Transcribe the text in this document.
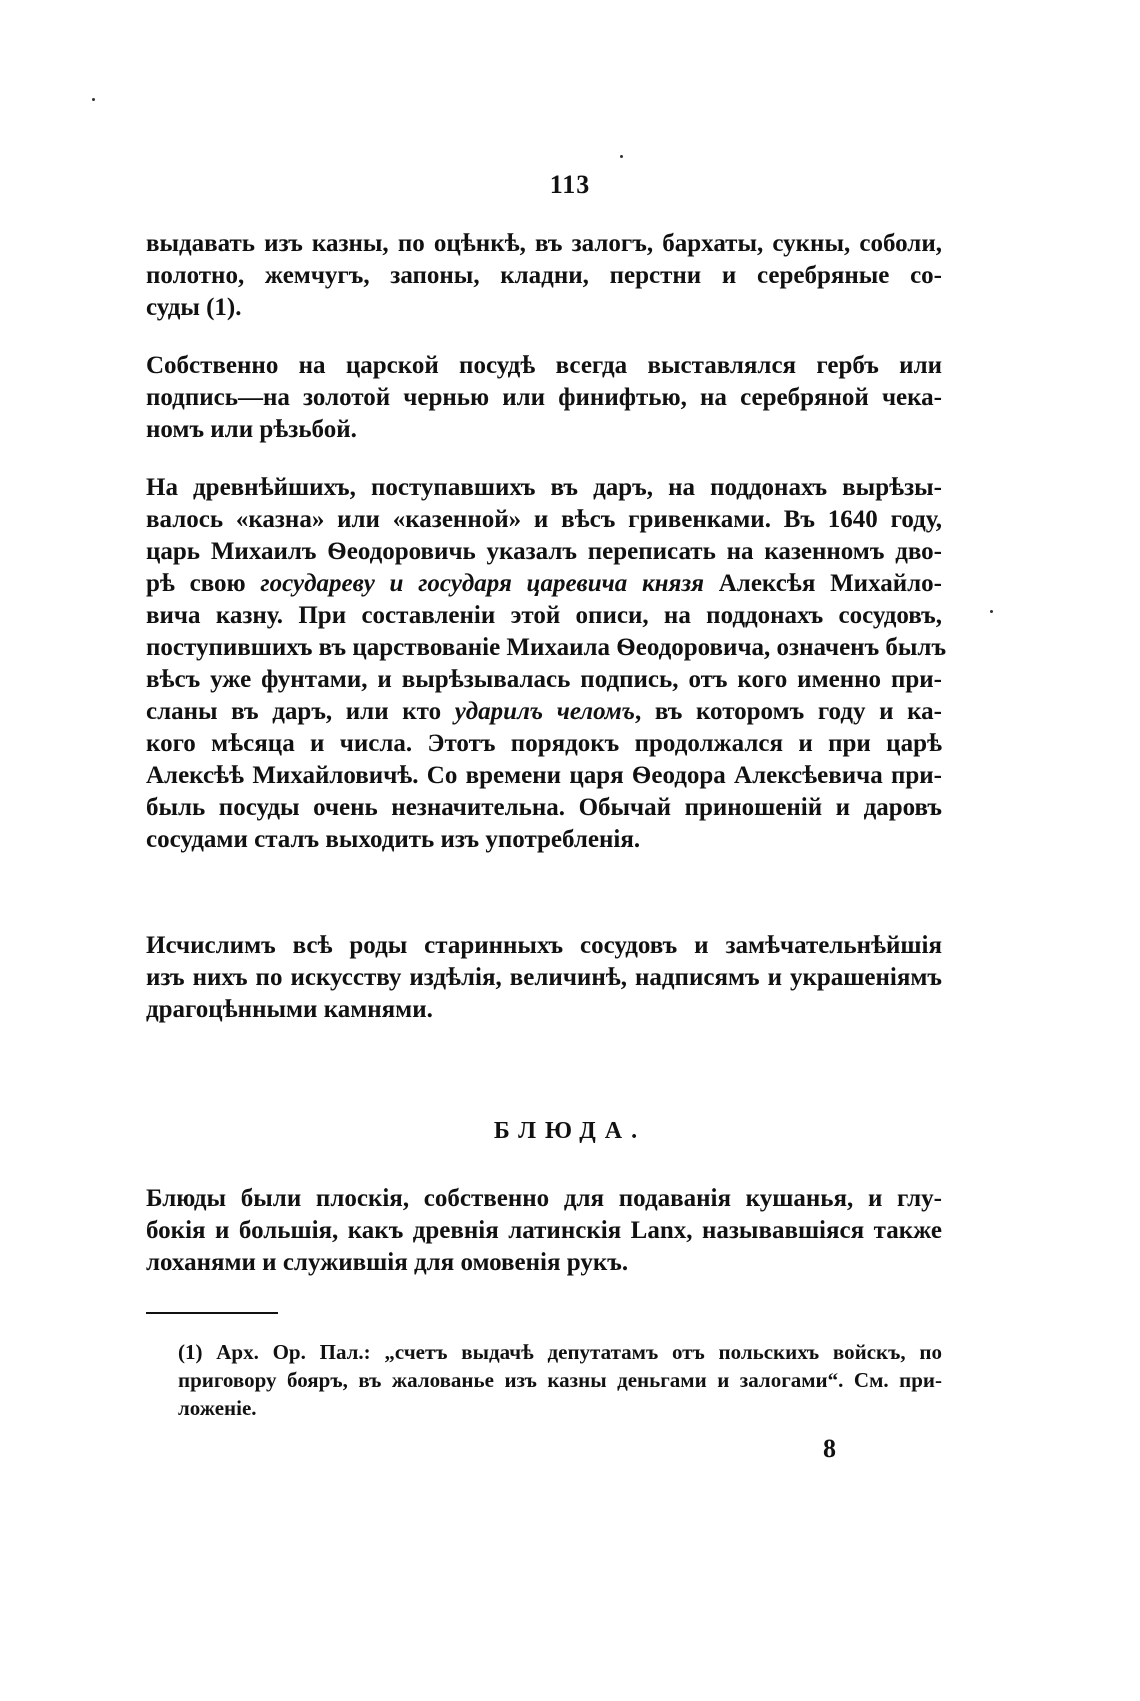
113
выдавать изъ казны, по оцѣнкѣ, въ залогъ, бархаты, сукны, соболи,
полотно, жемчугъ, запоны, кладни, перстни и серебряные со-
суды (1).
Собственно на царской посудѣ всегда выставлялся гербъ или
подпись—на золотой чернью или финифтью, на серебряной чека-
номъ или рѣзьбой.
На древнѣйшихъ, поступавшихъ въ даръ, на поддонахъ вырѣзы-
валось «казна» или «казенной» и вѣсъ гривенками. Въ 1640 году,
царь Михаилъ Ѳеодоровичь указалъ переписать на казенномъ дво-
рѣ свою государеву и государя царевича князя Алексѣя Михайло-
вича казну. При составленіи этой описи, на поддонахъ сосудовъ,
поступившихъ въ царствованіе Михаила Ѳеодоровича, означенъ былъ
вѣсъ уже фунтами, и вырѣзывалась подпись, отъ кого именно при-
сланы въ даръ, или кто ударилъ челомъ, въ которомъ году и ка-
кого мѣсяца и числа. Этотъ порядокъ продолжался и при царѣ
Алексѣѣ Михайловичѣ. Со времени царя Ѳеодора Алексѣевича при-
быль посуды очень незначительна. Обычай приношеній и даровъ
сосудами сталъ выходить изъ употребленія.
Исчислимъ всѣ роды старинныхъ сосудовъ и замѣчательнѣйшія
изъ нихъ по искусству издѣлія, величинѣ, надписямъ и украшеніямъ
драгоцѣнными камнями.
БЛЮДА.
Блюды были плоскія, собственно для подаванія кушанья, и глу-
бокія и большія, какъ древнія латинскія Lanx, называвшіяся также
лоханями и служившія для омовенія рукъ.
(1) Арх. Ор. Пал.: „счетъ выдачѣ депутатамъ отъ польскихъ войскъ, по
приговору бояръ, въ жалованье изъ казны деньгами и залогами“. См. при-
ложеніе.
8
